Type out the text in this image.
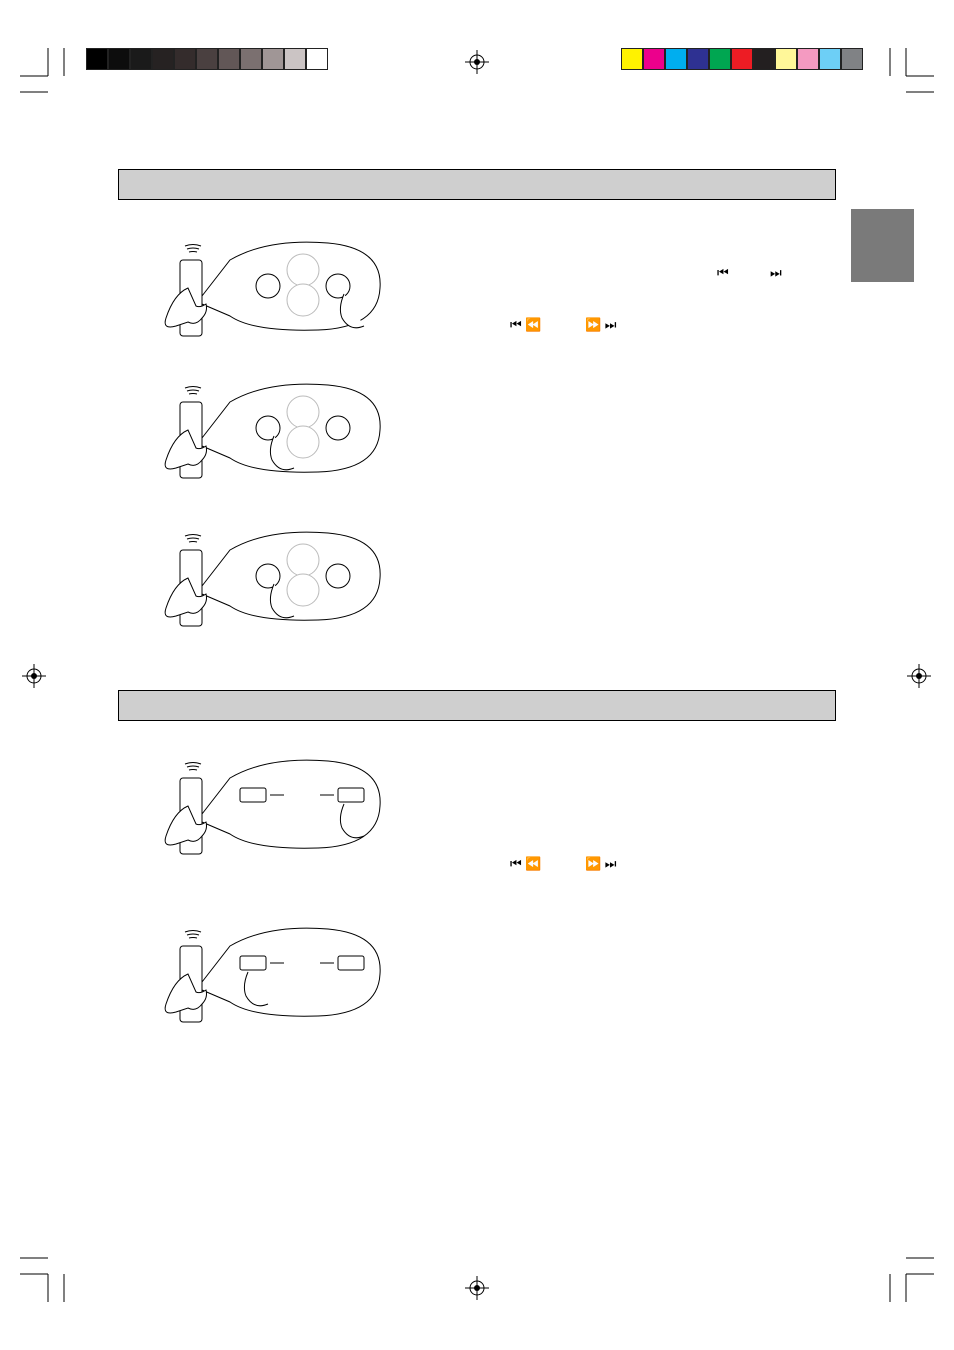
⏮	⏭
⏮ ⏪	⏩ ⏭
⏮ ⏪	⏩ ⏭
